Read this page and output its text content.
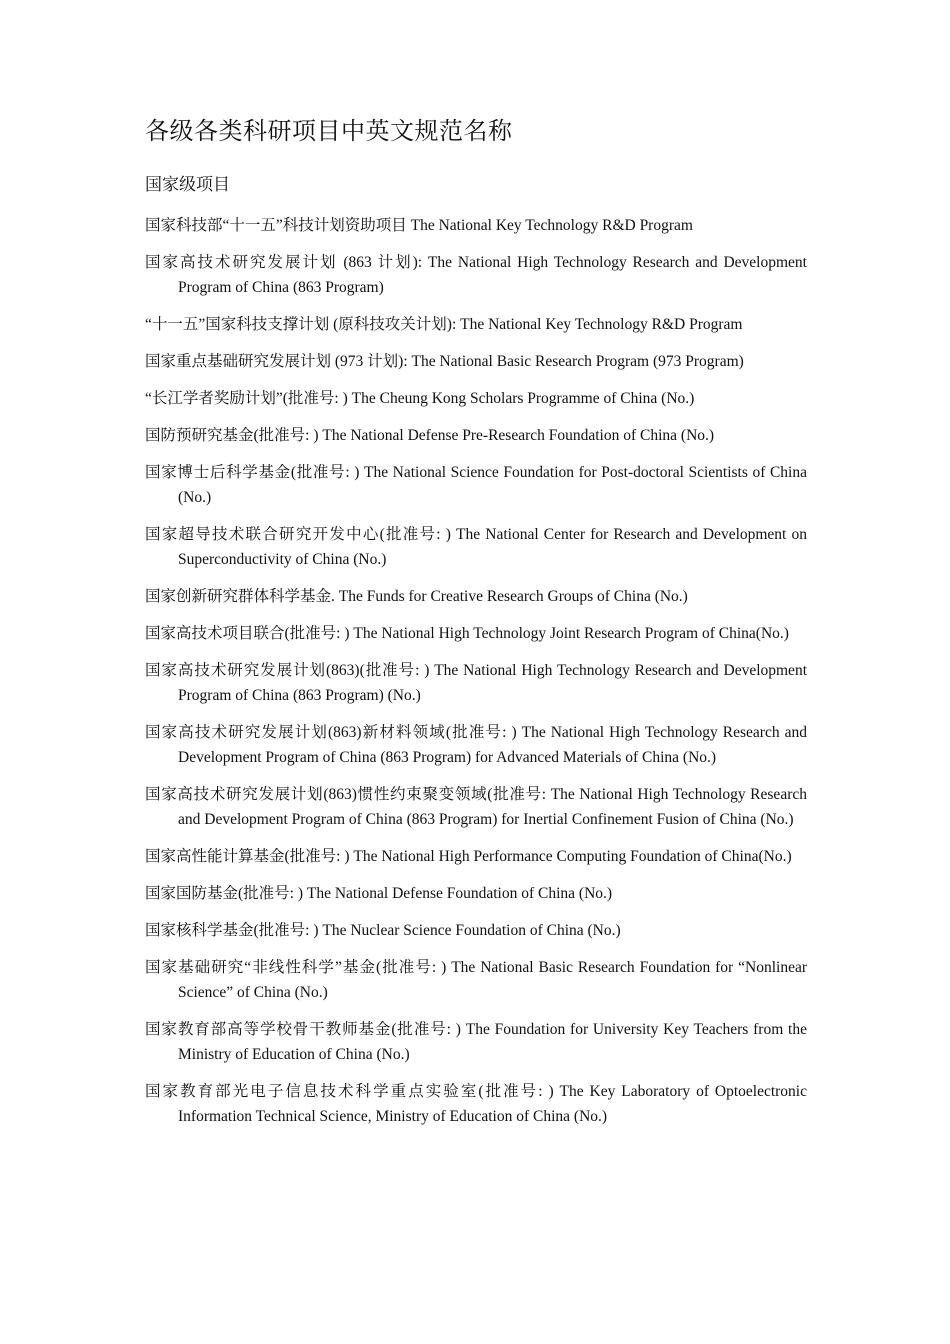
各级各类科研项目中英文规范名称
国家级项目
国家科技部“十一五”科技计划资助项目 The National Key Technology R&D Program
国家高技术研究发展计划 (863 计划): The National High Technology Research and Development Program of China (863 Program)
“十一五”国家科技支撑计划 (原科技攻关计划): The National Key Technology R&D Program
国家重点基础研究发展计划 (973 计划): The National Basic Research Program (973 Program)
“长江学者奖励计划”(批准号: ) The Cheung Kong Scholars Programme of China (No.)
国防预研究基金(批准号: ) The National Defense Pre-Research Foundation of China (No.)
国家博士后科学基金(批准号: ) The National Science Foundation for Post-doctoral Scientists of China (No.)
国家超导技术联合研究开发中心(批准号: ) The National Center for Research and Development on Superconductivity of China (No.)
国家创新研究群体科学基金. The Funds for Creative Research Groups of China (No.)
国家高技术项目联合(批准号: ) The National High Technology Joint Research Program of China(No.)
国家高技术研究发展计划(863)(批准号: ) The National High Technology Research and Development Program of China (863 Program) (No.)
国家高技术研究发展计划(863)新材料领域(批准号: ) The National High Technology Research and Development Program of China (863 Program) for Advanced Materials of China (No.)
国家高技术研究发展计划(863)惯性约束聚变领域(批准号: The National High Technology Research and Development Program of China (863 Program) for Inertial Confinement Fusion of China (No.)
国家高性能计算基金(批准号: ) The National High Performance Computing Foundation of China(No.)
国家国防基金(批准号: ) The National Defense Foundation of China (No.)
国家核科学基金(批准号: ) The Nuclear Science Foundation of China (No.)
国家基础研究“非线性科学”基金(批准号: ) The National Basic Research Foundation for “Nonlinear Science” of China (No.)
国家教育部高等学校骨干教师基金(批准号: ) The Foundation for University Key Teachers from the Ministry of Education of China (No.)
国家教育部光电子信息技术科学重点实验室(批准号: ) The Key Laboratory of Optoelectronic Information Technical Science, Ministry of Education of China (No.)
